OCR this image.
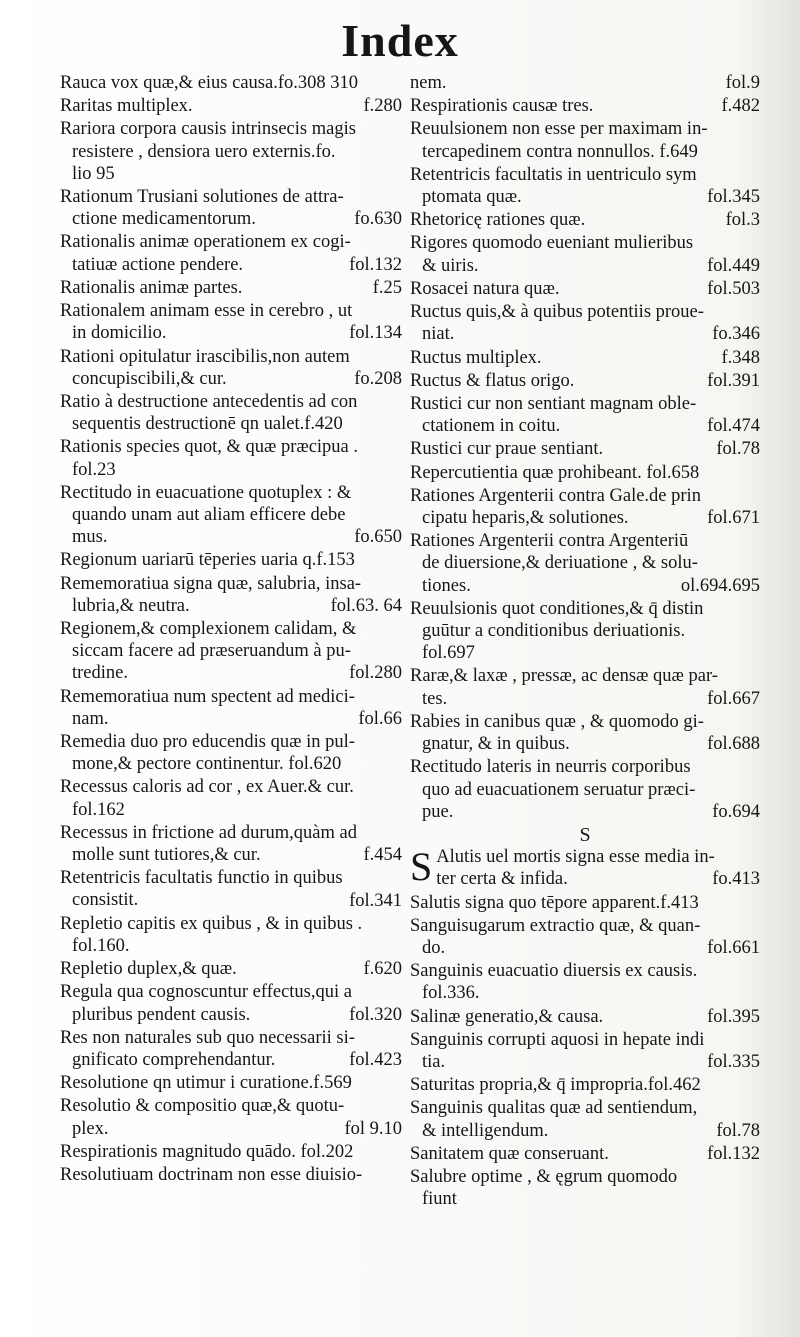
Index
Rauca vox quæ,& eius causa.fo.308 310
Raritas multiplex.	f.280
Rariora corpora causis intrinsecis magis
resistere , densiora uero externis.fo.
lio 95
Rationum Trusiani solutiones de attra-
ctione medicamentorum.	fo.630
Rationalis animæ operationem ex cogi-
tatiuæ actione pendere.	fol.132
Rationalis animæ partes.	f.25
Rationalem animam esse in cerebro , ut
in domicilio.	fol.134
Rationi opitulatur irascibilis,non autem
concupiscibili,& cur.	fo.208
Ratio à destructione antecedentis ad con
sequentis destructionē qn ualet.f.420
Rationis species quot, & quæ præcipua .
fol.23
Rectitudo in euacuatione quotuplex : &
quando unam aut aliam efficere debe
mus.	fo.650
Regionum uariarū tēperies uaria q.f.153
Rememoratiua signa quæ, salubria, insa-
lubria,& neutra.	fol.63. 64
Regionem,& complexionem calidam, &
siccam facere ad præseruandum à pu-
tredine.	fol.280
Rememoratiua num spectent ad medici-
nam.	fol.66
Remedia duo pro educendis quæ in pul-
mone,& pectore continentur. fol.620
Recessus caloris ad cor , ex Auer.& cur.
fol.162
Recessus in frictione ad durum,quàm ad
molle sunt tutiores,& cur.	f.454
Retentricis facultatis functio in quibus
consistit.	fol.341
Repletio capitis ex quibus , & in quibus .
fol.160.
Repletio duplex,& quæ.	f.620
Regula qua cognoscuntur effectus,qui a
pluribus pendent causis.	fol.320
Res non naturales sub quo necessarii si-
gnificato comprehendantur.	fol.423
Resolutione qn utimur i curatione.f.569
Resolutio & compositio quæ,& quotu-
plex.	fol 9.10
Respirationis magnitudo quādo. fol.202
Resolutiuam doctrinam non esse diuisio-
nem.	fol.9
Respirationis causæ tres.	f.482
Reuulsionem non esse per maximam in-
tercapedinem contra nonnullos. f.649
Retentricis facultatis in uentriculo sym
ptomata quæ.	fol.345
Rhetoricę rationes quæ.	fol.3
Rigores quomodo eueniant mulieribus
& uiris.	fol.449
Rosacei natura quæ.	fol.503
Ructus quis,& à quibus potentiis proue-
niat.	fo.346
Ructus multiplex.	f.348
Ructus & flatus origo.	fol.391
Rustici cur non sentiant magnam oble-
ctationem in coitu.	fol.474
Rustici cur praue sentiant.	fol.78
Repercutientia quæ prohibeant. fol.658
Rationes Argenterii contra Gale.de prin
cipatu heparis,& solutiones.	fol.671
Rationes Argenterii contra Argenteriū
de diuersione,& deriuatione , & solu-
tiones.	ol.694.695
Reuulsionis quot conditiones,& q̄ distin
guūtur a conditionibus deriuationis.
fol.697
Raræ,& laxæ , pressæ, ac densæ quæ par-
tes.	fol.667
Rabies in canibus quæ , & quomodo gi-
gnatur, & in quibus.	fol.688
Rectitudo lateris in neurris corporibus
quo ad euacuationem seruatur præci-
pue.	fo.694
S
S Alutis uel mortis signa esse media in-
ter certa & infida.	fo.413
Salutis signa quo tēpore apparent.f.413
Sanguisugarum extractio quæ, & quan-
do.	fol.661
Sanguinis euacuatio diuersis ex causis.
fol.336.
Salinæ generatio,& causa.	fol.395
Sanguinis corrupti aquosi in hepate indi
tia.	fol.335
Saturitas propria,& q̄ impropria.fol.462
Sanguinis qualitas quæ ad sentiendum,
& intelligendum.	fol.78
Sanitatem quæ conseruant.	fol.132
Salubre optime , & ęgrum quomodo
fiunt
